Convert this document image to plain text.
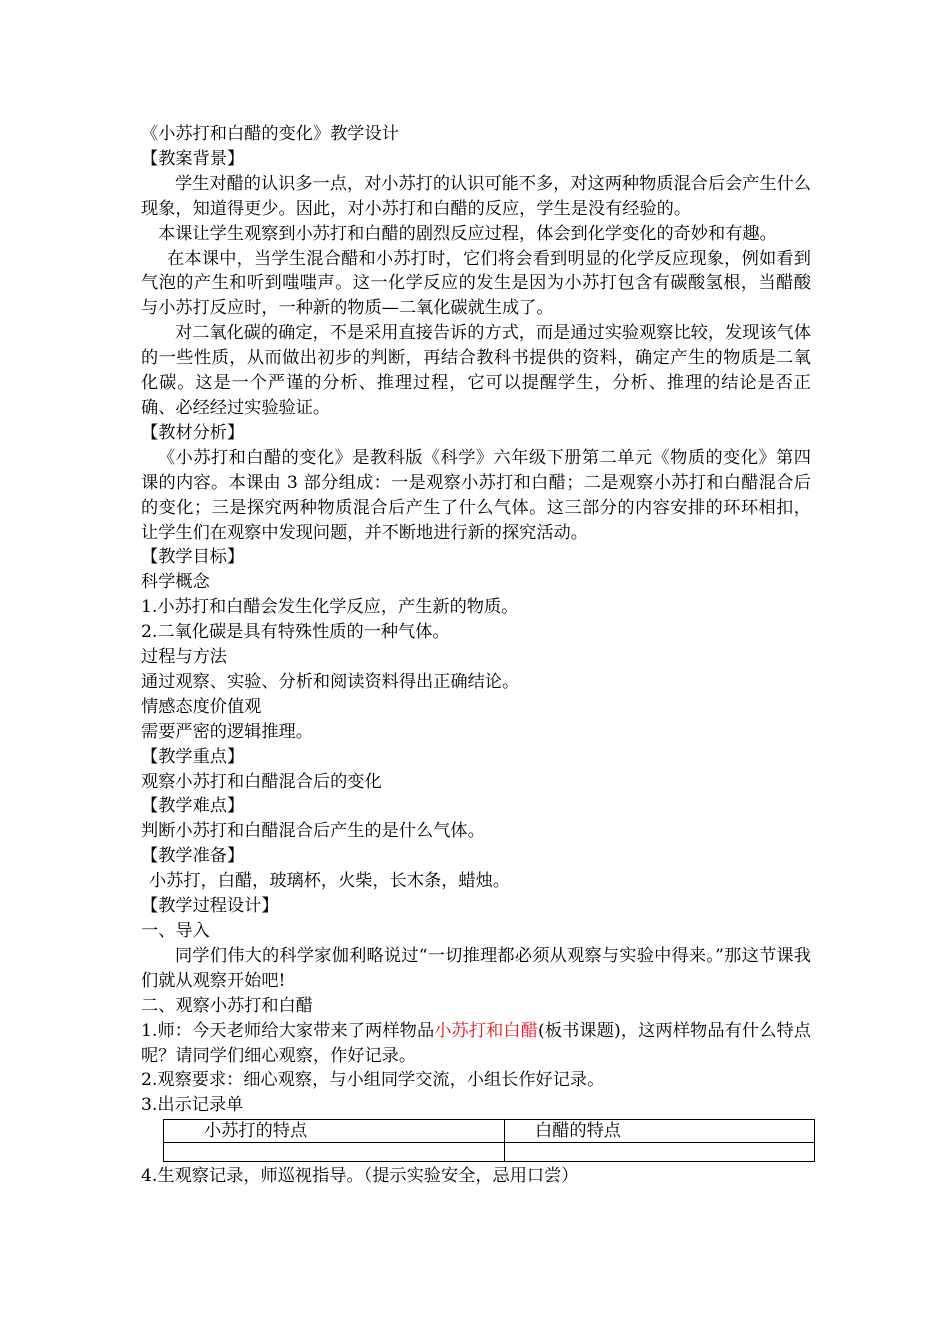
《小苏打和白醋的变化》教学设计

【教案背景】

学生对醋的认识多一点，对小苏打的认识可能不多，对这两种物质混合后会产生什么现象，知道得更少。因此，对小苏打和白醋的反应，学生是没有经验的。

本课让学生观察到小苏打和白醋的剧烈反应过程，体会到化学变化的奇妙和有趣。

在本课中，当学生混合醋和小苏打时，它们将会看到明显的化学反应现象，例如看到气泡的产生和听到嗤嗤声。这一化学反应的发生是因为小苏打包含有碳酸氢根，当醋酸与小苏打反应时，一种新的物质—二氧化碳就生成了。

对二氧化碳的确定，不是采用直接告诉的方式，而是通过实验观察比较，发现该气体的一些性质，从而做出初步的判断，再结合教科书提供的资料，确定产生的物质是二氧化碳。这是一个严谨的分析、推理过程，它可以提醒学生，分析、推理的结论是否正确、必经经过实验验证。

【教材分析】

《小苏打和白醋的变化》是教科版《科学》六年级下册第二单元《物质的变化》第四课的内容。本课由 3 部分组成：一是观察小苏打和白醋；二是观察小苏打和白醋混合后的变化；三是探究两种物质混合后产生了什么气体。这三部分的内容安排的环环相扣，让学生们在观察中发现问题，并不断地进行新的探究活动。

【教学目标】

科学概念

1.小苏打和白醋会发生化学反应，产生新的物质。

2.二氧化碳是具有特殊性质的一种气体。

过程与方法

通过观察、实验、分析和阅读资料得出正确结论。

情感态度价值观

需要严密的逻辑推理。

【教学重点】

观察小苏打和白醋混合后的变化

【教学难点】

判断小苏打和白醋混合后产生的是什么气体。

【教学准备】

小苏打，白醋，玻璃杯，火柴，长木条，蜡烛。

【教学过程设计】

一、导入

同学们伟大的科学家伽利略说过“一切推理都必须从观察与实验中得来。”那这节课我们就从观察开始吧!

二、观察小苏打和白醋

1.师：今天老师给大家带来了两样物品小苏打和白醋(板书课题)，这两样物品有什么特点呢？请同学们细心观察，作好记录。

2.观察要求：细心观察，与小组同学交流，小组长作好记录。

3.出示记录单

小苏打的特点	白醋的特点

4.生观察记录，师巡视指导。（提示实验安全，忌用口尝）
